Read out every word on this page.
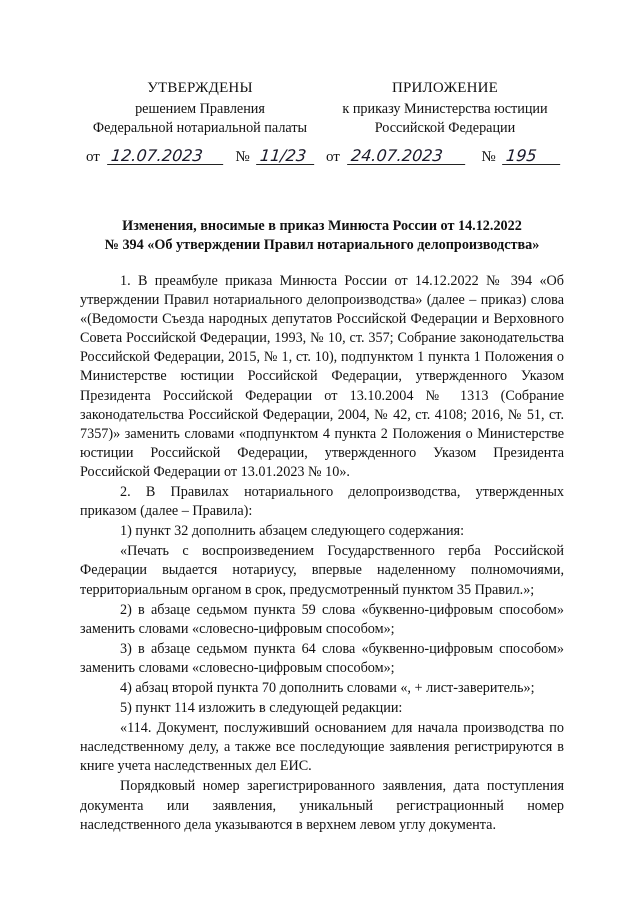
УТВЕРЖДЕНЫ
решением Правления
Федеральной нотариальной палаты
ПРИЛОЖЕНИЕ
к приказу Министерства юстиции
Российской Федерации
от 12.07.2023 № 11/23	от 24.07.2023	№ 195
Изменения, вносимые в приказ Минюста России от 14.12.2022
№ 394 «Об утверждении Правил нотариального делопроизводства»

1. В преамбуле приказа Минюста России от 14.12.2022 № 394 «Об утверждении Правил нотариального делопроизводства» (далее – приказ) слова «(Ведомости Съезда народных депутатов Российской Федерации и Верховного Совета Российской Федерации, 1993, № 10, ст. 357; Собрание законодательства Российской Федерации, 2015, № 1, ст. 10), подпунктом 1 пункта 1 Положения о Министерстве юстиции Российской Федерации, утвержденного Указом Президента Российской Федерации от 13.10.2004 № 1313 (Собрание законодательства Российской Федерации, 2004, № 42, ст. 4108; 2016, № 51, ст. 7357)» заменить словами «подпунктом 4 пункта 2 Положения о Министерстве юстиции Российской Федерации, утвержденного Указом Президента Российской Федерации от 13.01.2023 № 10».

2. В Правилах нотариального делопроизводства, утвержденных приказом (далее – Правила):

1) пункт 32 дополнить абзацем следующего содержания:

«Печать с воспроизведением Государственного герба Российской Федерации выдается нотариусу, впервые наделенному полномочиями, территориальным органом в срок, предусмотренный пунктом 35 Правил.»;

2) в абзаце седьмом пункта 59 слова «буквенно-цифровым способом» заменить словами «словесно-цифровым способом»;

3) в абзаце седьмом пункта 64 слова «буквенно-цифровым способом» заменить словами «словесно-цифровым способом»;

4) абзац второй пункта 70 дополнить словами «, + лист-заверитель»;

5) пункт 114 изложить в следующей редакции:

«114. Документ, послуживший основанием для начала производства по наследственному делу, а также все последующие заявления регистрируются в книге учета наследственных дел ЕИС.

Порядковый номер зарегистрированного заявления, дата поступления документа или заявления, уникальный регистрационный номер наследственного дела указываются в верхнем левом углу документа.
